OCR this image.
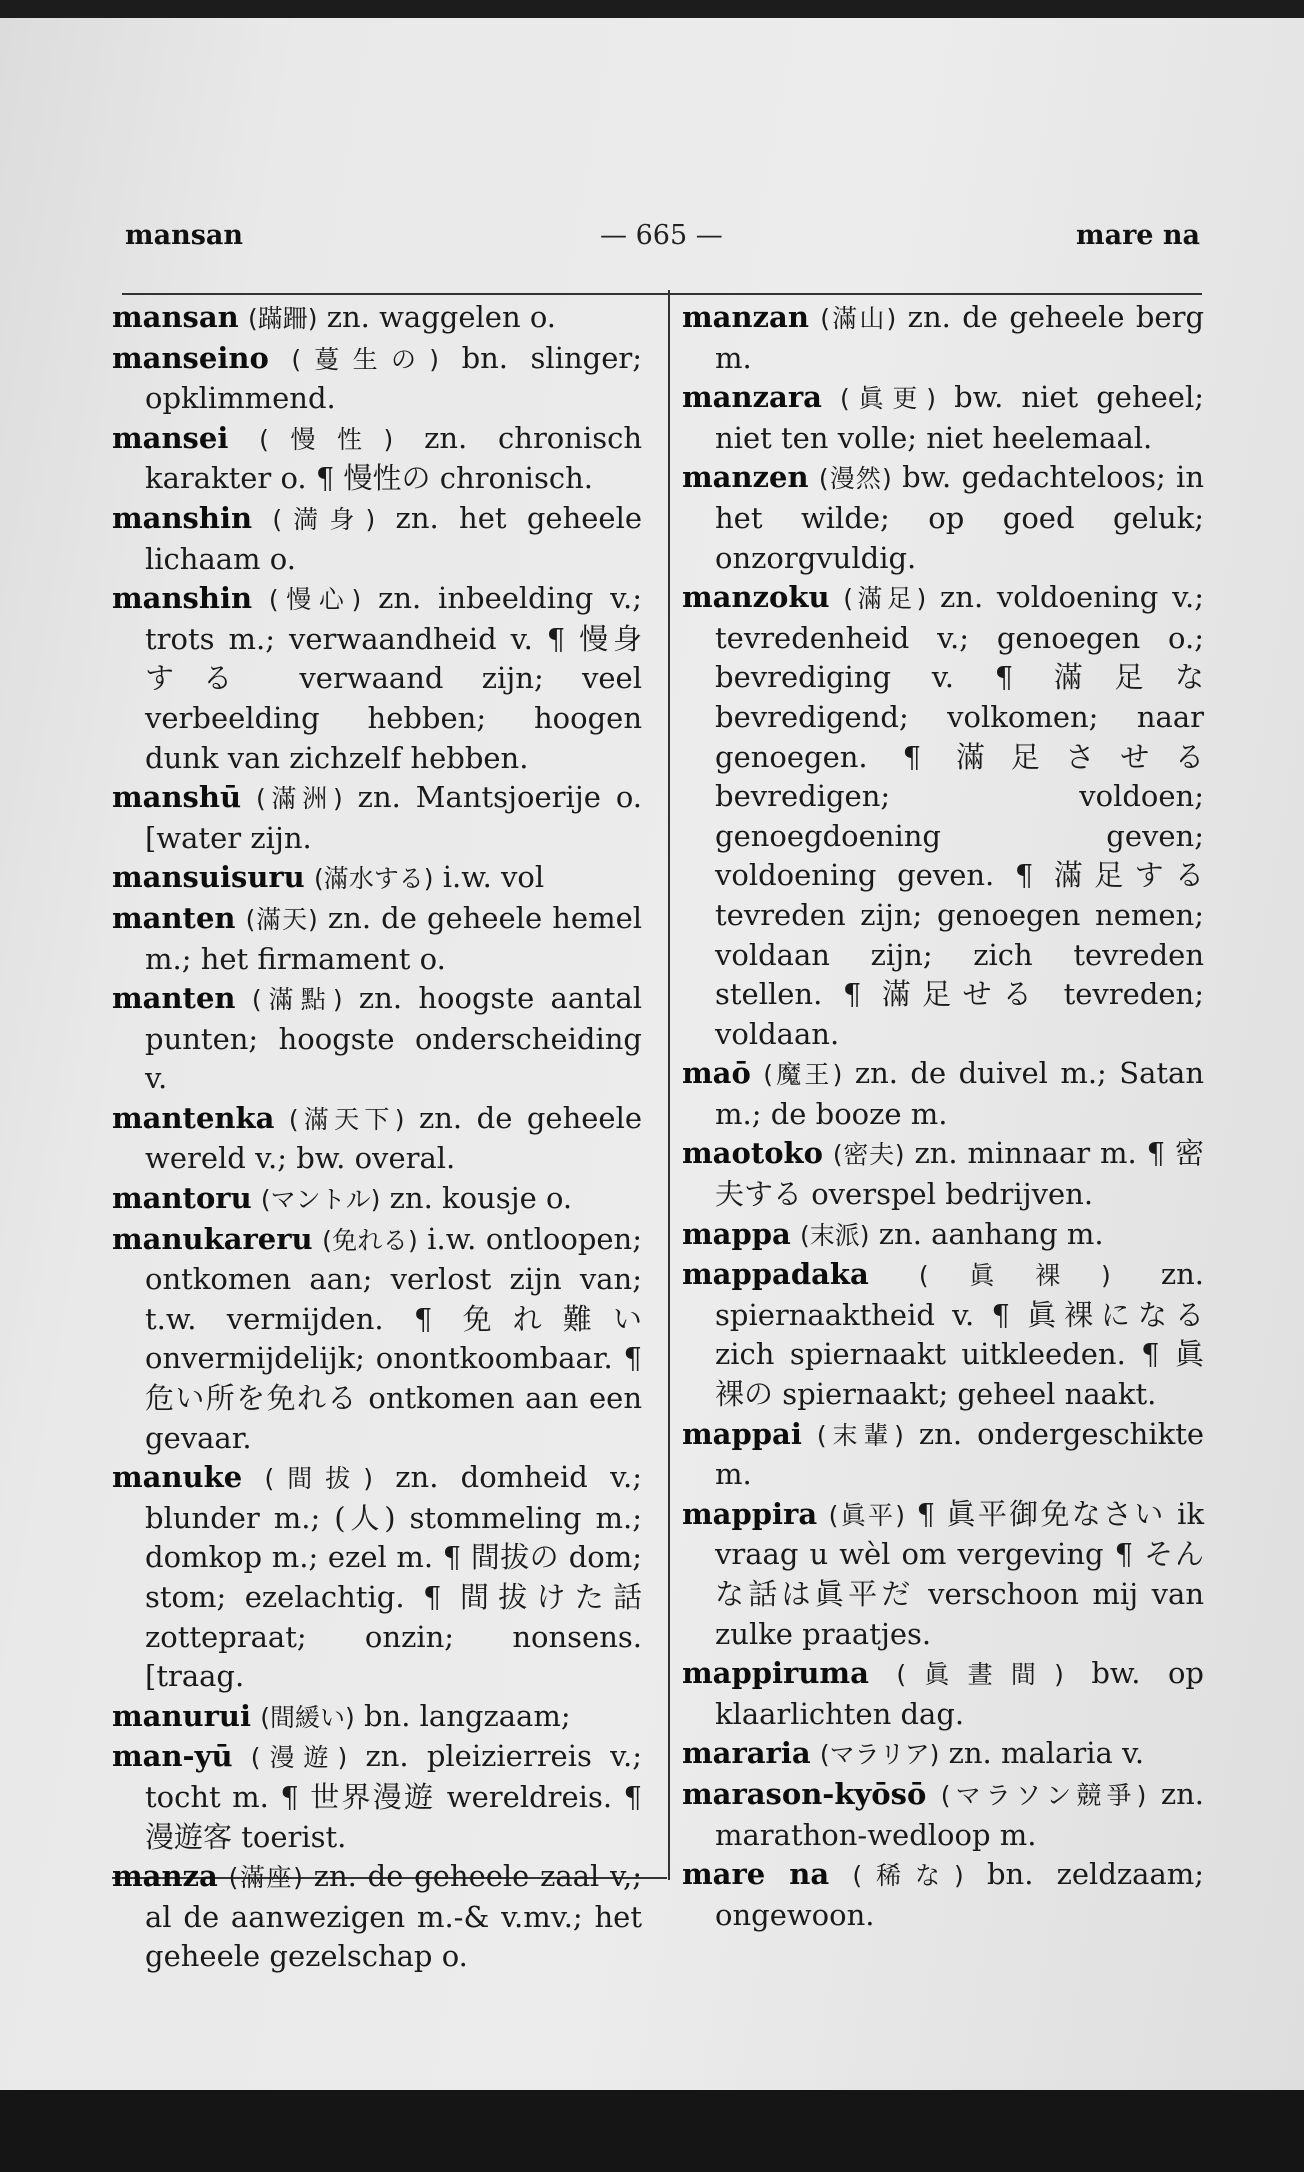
mansan	— 665 —	mare na

mansan (蹣跚) zn. waggelen o.

manseino (蔓生の) bn. slinger; opklimmend.

mansei (慢性) zn. chronisch karakter o. ¶ 慢性の chronisch.

manshin (満身) zn. het geheele lichaam o.

manshin (慢心) zn. inbeelding v.; trots m.; verwaandheid v. ¶ 慢身する verwaand zijn; veel verbeelding hebben; hoogen dunk van zichzelf hebben.

manshū (滿洲) zn. Mantsjoerije o. [water zijn.

mansuisuru (滿水する) i.w. vol

manten (滿天) zn. de geheele hemel m.; het firmament o.

manten (滿點) zn. hoogste aantal punten; hoogste onderscheiding v.

mantenka (滿天下) zn. de geheele wereld v.; bw. overal.

mantoru (マントル) zn. kousje o.

manukareru (免れる) i.w. ontloopen; ontkomen aan; verlost zijn van; t.w. vermijden. ¶ 免れ難い onvermijdelijk; onontkoombaar. ¶ 危い所を免れる ontkomen aan een gevaar.

manuke (間拔) zn. domheid v.; blunder m.; (人) stommeling m.; domkop m.; ezel m. ¶ 間拔の dom; stom; ezelachtig. ¶ 間拔けた話 zottepraat; onzin; nonsens. [traag.

manurui (間緩い) bn. langzaam;

man-yū (漫遊) zn. pleizierreis v.; tocht m. ¶ 世界漫遊 wereldreis. ¶ 漫遊客 toerist.

manza (滿座) zn. de geheele zaal v,; al de aanwezigen m.-& v.mv.; het geheele gezelschap o.

manzan (滿山) zn. de geheele berg m.

manzara (眞更) bw. niet geheel; niet ten volle; niet heelemaal.

manzen (漫然) bw. gedachteloos; in het wilde; op goed geluk; onzorgvuldig.

manzoku (滿足) zn. voldoening v.; tevredenheid v.; genoegen o.; bevrediging v. ¶ 滿足な bevredigend; volkomen; naar genoegen. ¶ 滿足させる bevredigen; voldoen; genoegdoening geven; voldoening geven. ¶ 滿足する tevreden zijn; genoegen nemen; voldaan zijn; zich tevreden stellen. ¶ 滿足せる tevreden; voldaan.

maō (魔王) zn. de duivel m.; Satan m.; de booze m.

maotoko (密夫) zn. minnaar m. ¶ 密夫する overspel bedrijven.

mappa (末派) zn. aanhang m.

mappadaka (眞裸) zn. spiernaaktheid v. ¶ 眞裸になる zich spiernaakt uitkleeden. ¶ 眞裸の spiernaakt; geheel naakt.

mappai (末輩) zn. ondergeschikte m.

mappira (眞平) ¶ 眞平御免なさい ik vraag u wèl om vergeving ¶ そんな話は眞平だ verschoon mij van zulke praatjes.

mappiruma (眞晝間) bw. op klaarlichten dag.

mararia (マラリア) zn. malaria v.

marason-kyōsō (マラソン競爭) zn. marathon-wedloop m.

mare na (稀な) bn. zeldzaam; ongewoon.
